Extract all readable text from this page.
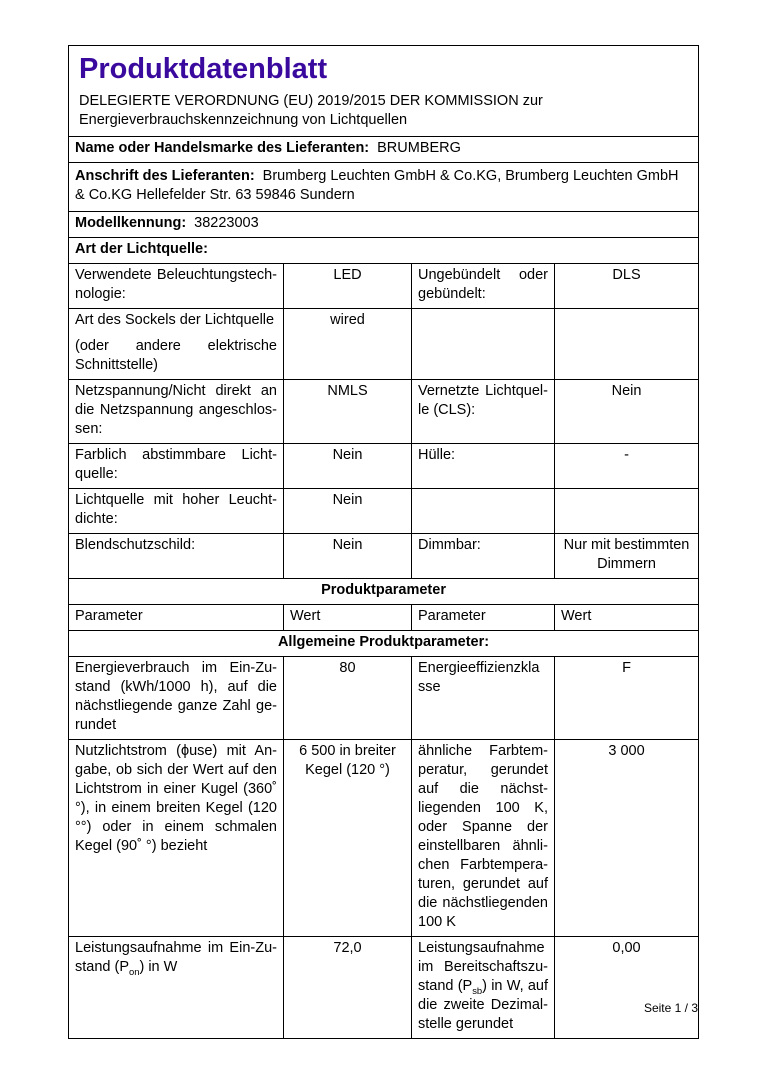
Produktdatenblatt
DELEGIERTE VERORDNUNG (EU) 2019/2015 DER KOMMISSION zur Energieverbrauchskennzeichnung von Lichtquellen			

Name oder Handelsmarke des Lieferanten: BRUMBERG			
Anschrift des Lieferanten: Brumberg Leuchten GmbH & Co.KG, Brumberg Leuchten GmbH & Co.KG Hellefelder Str. 63 59846 Sundern			
Modellkennung: 38223003			
Art der Lichtquelle:			
Verwendete Beleuchtungstechnologie:	LED	Ungebündelt oder gebündelt:	DLS

Art des Sockels der Lichtquelle

(oder andere elektrische Schnittstelle)	wired		
Netzspannung/Nicht direkt an die Netzspannung angeschlossen:	NMLS	Vernetzte Lichtquelle (CLS):	Nein
Farblich abstimmbare Lichtquelle:	Nein	Hülle:	-
Lichtquelle mit hoher Leuchtdichte:	Nein		
Blendschutzschild:	Nein	Dimmbar:	Nur mit bestimmten Dimmern
Produktparameter			
Parameter	Wert	Parameter	Wert
Allgemeine Produktparameter:			
Energieverbrauch im Ein-Zustand (kWh/1000 h), auf die nächstliegende ganze Zahl gerundet	80	Energieeffizienzklasse	F
Nutzlichtstrom (ϕuse) mit Angabe, ob sich der Wert auf den Lichtstrom in einer Kugel (360˚ °), in einem breiten Kegel (120 °°) oder in einem schmalen Kegel (90˚ °) bezieht	6 500 in breiter Kegel (120 °)	ähnliche Farbtemperatur, gerundet auf die nächstliegenden 100 K, oder Spanne der einstellbaren ähnlichen Farbtemperaturen, gerundet auf die nächstliegenden 100 K	3 000
Leistungsaufnahme im Ein-Zustand $(P_{on})$ in W	72,0	Leistungsaufnahme im Bereitschaftszustand $(P_{sb})$ in W, auf die zweite Dezimalstelle gerundet	0,00
Seite 1 / 3
